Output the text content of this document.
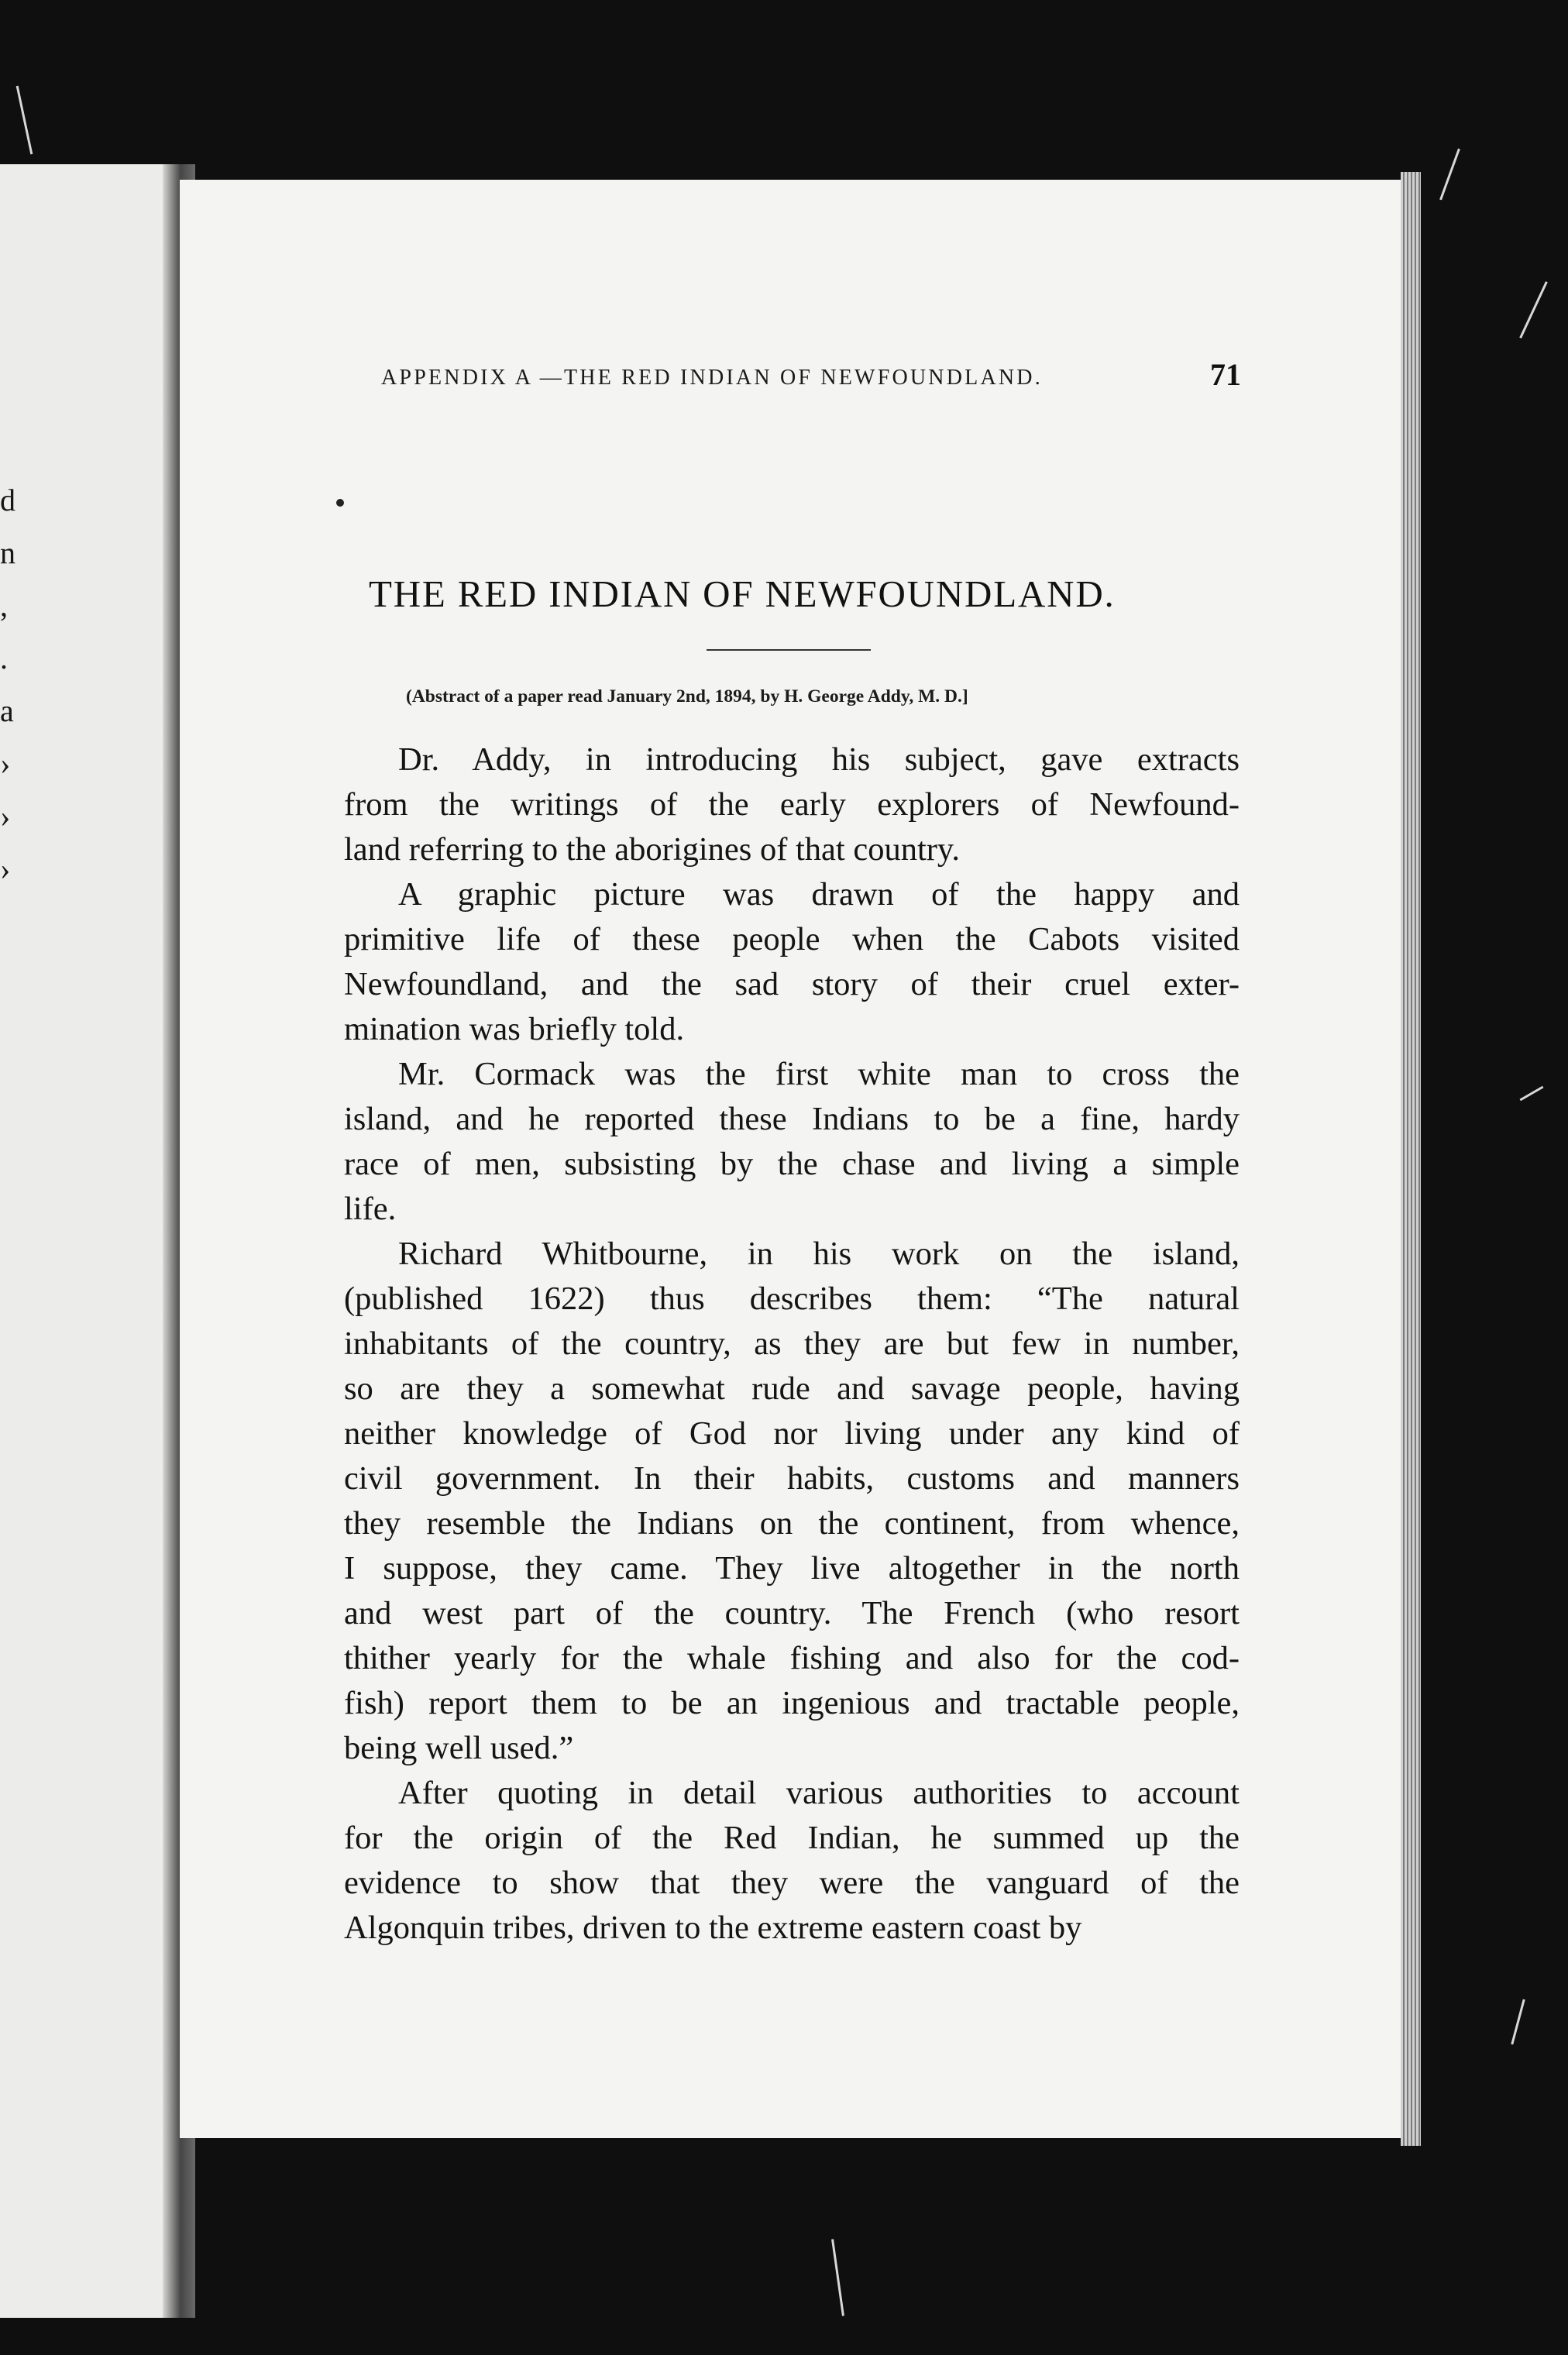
d
n
,
.
a
›
›
›
APPENDIX A —THE RED INDIAN OF NEWFOUNDLAND.	71
THE RED INDIAN OF NEWFOUNDLAND.
(Abstract of a paper read January 2nd, 1894, by H. George Addy, M. D.]
Dr. Addy, in introducing his subject, gave extracts
from the writings of the early explorers of Newfound-
land referring to the aborigines of that country.
A graphic picture was drawn of the happy and
primitive life of these people when the Cabots visited
Newfoundland, and the sad story of their cruel exter-
mination was briefly told.
Mr. Cormack was the first white man to cross the
island, and he reported these Indians to be a fine, hardy
race of men, subsisting by the chase and living a simple
life.
Richard Whitbourne, in his work on the island,
(published 1622) thus describes them: “The natural
inhabitants of the country, as they are but few in number,
so are they a somewhat rude and savage people, having
neither knowledge of God nor living under any kind of
civil government. In their habits, customs and manners
they resemble the Indians on the continent, from whence,
I suppose, they came. They live altogether in the north
and west part of the country. The French (who resort
thither yearly for the whale fishing and also for the cod-
fish) report them to be an ingenious and tractable people,
being well used.”
After quoting in detail various authorities to account
for the origin of the Red Indian, he summed up the
evidence to show that they were the vanguard of the
Algonquin tribes, driven to the extreme eastern coast by
